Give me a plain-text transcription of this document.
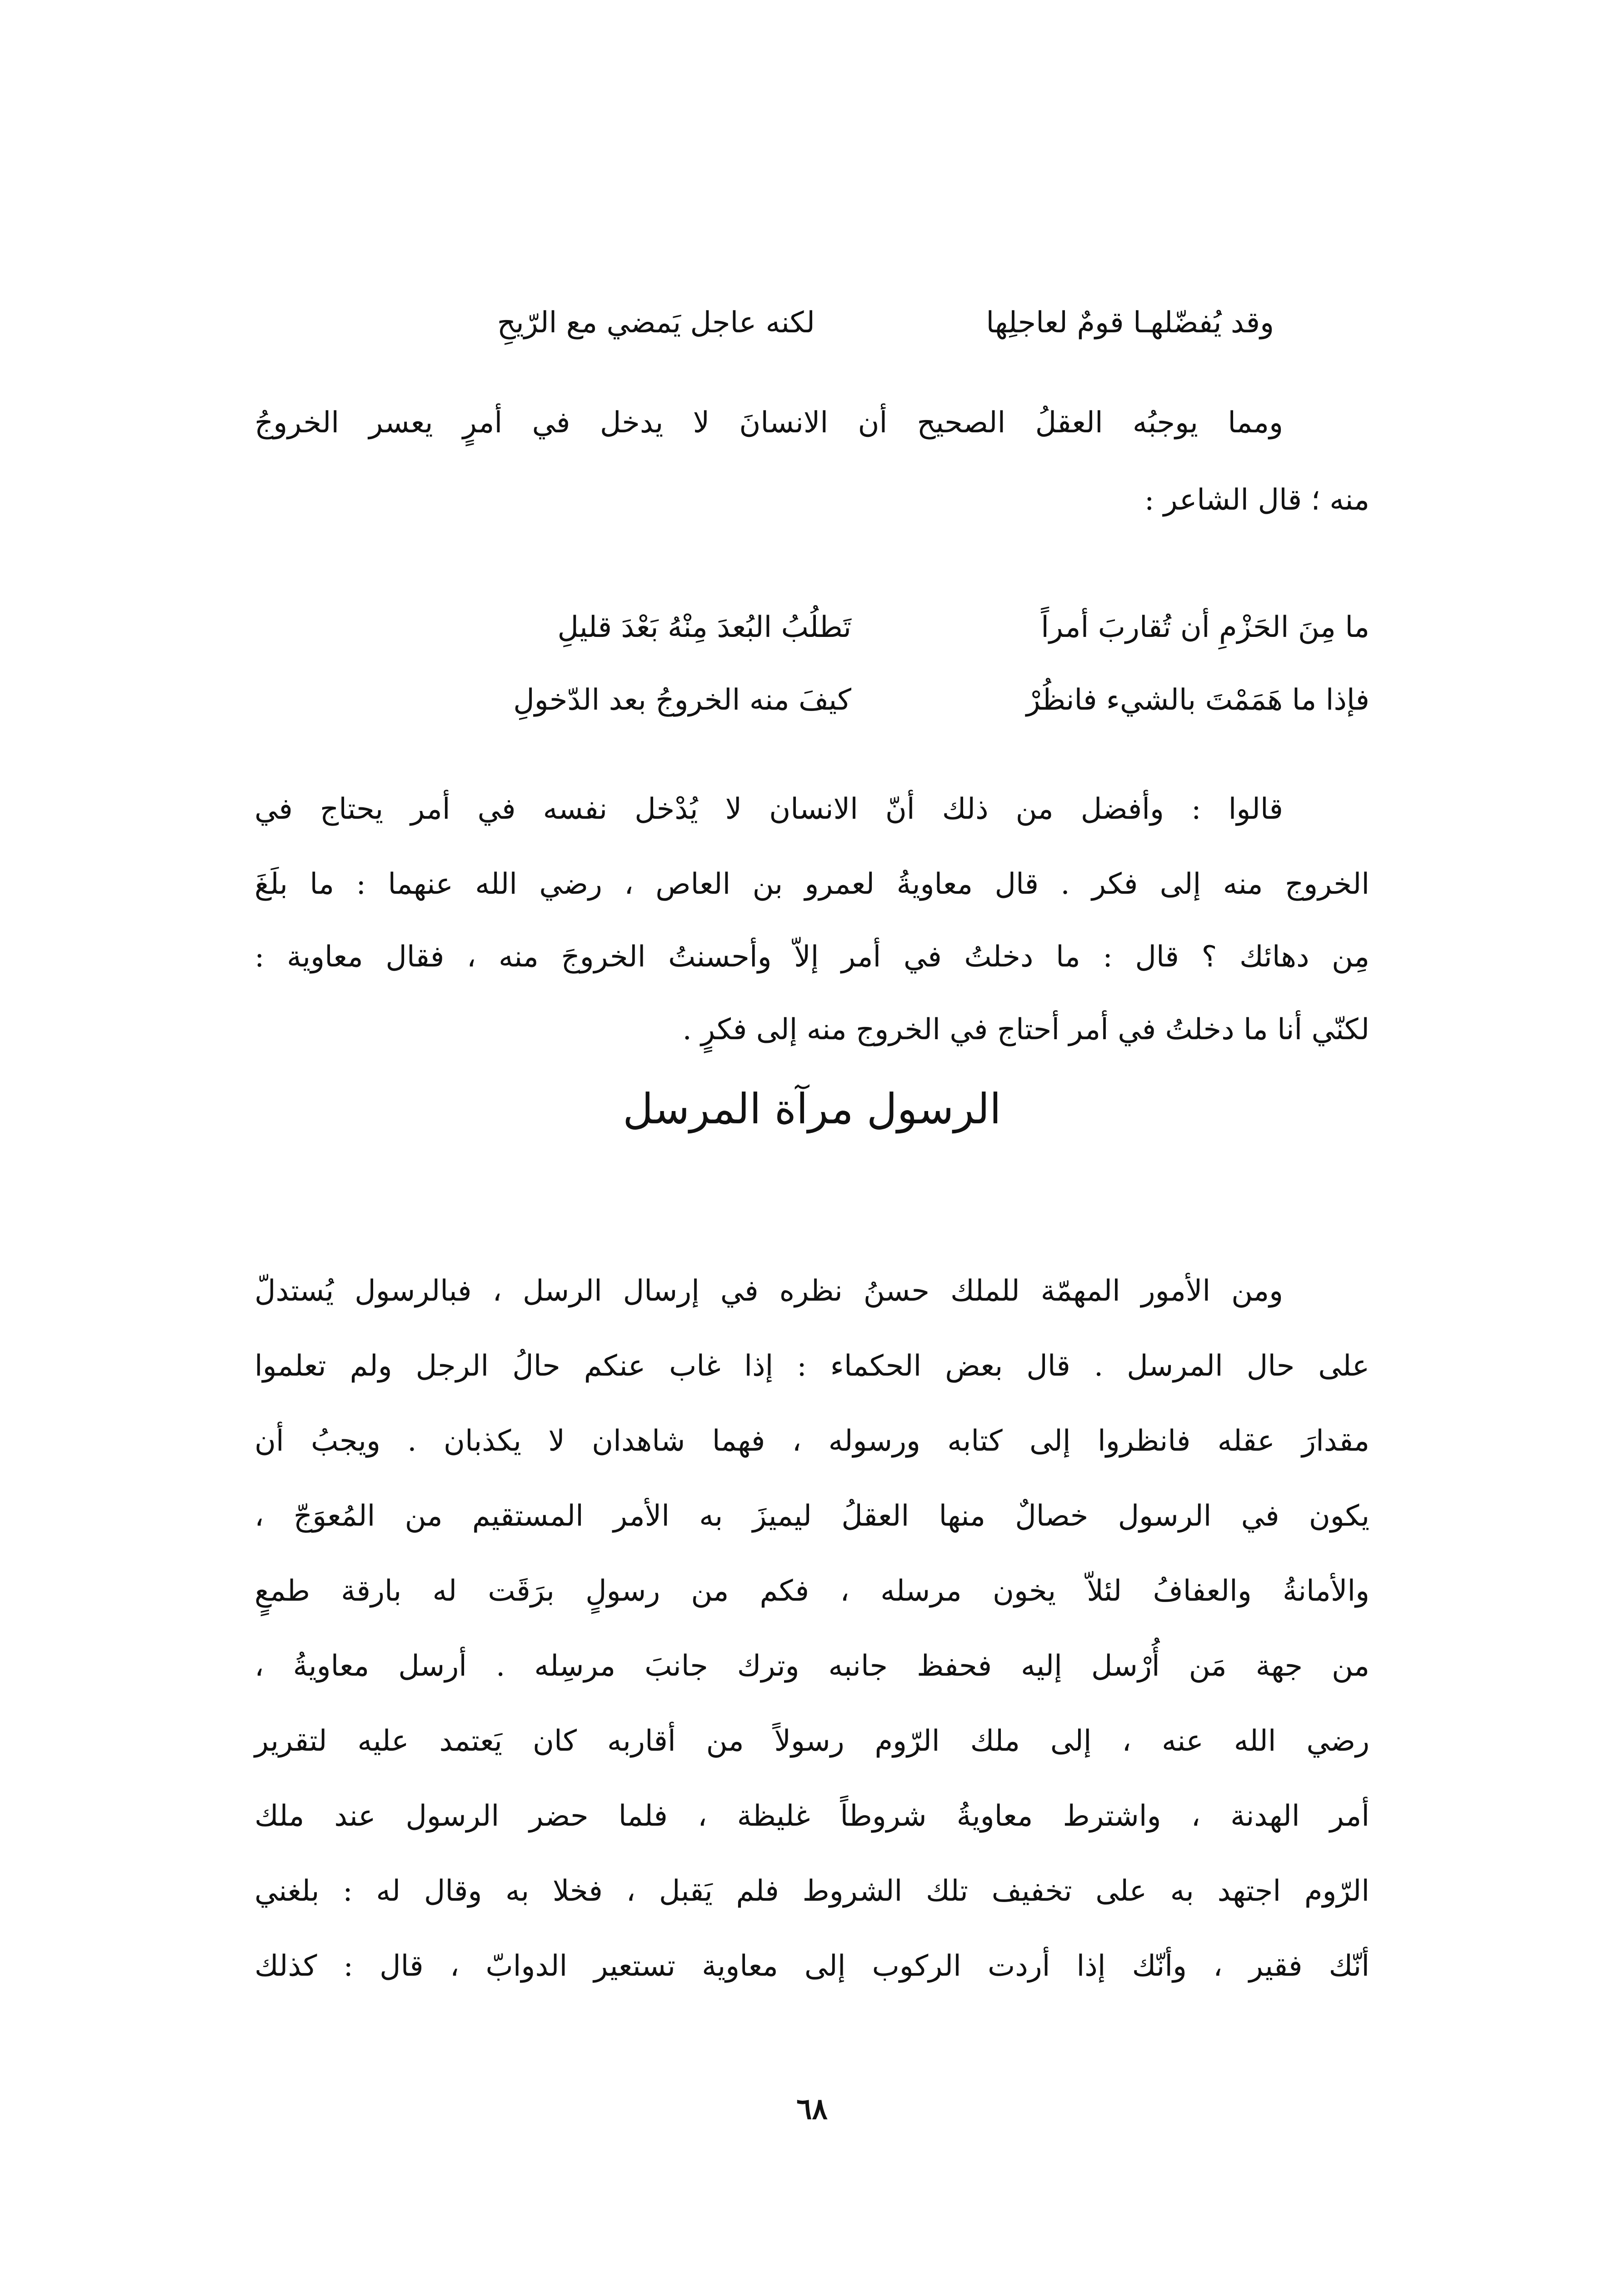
وقد يُفضّلهـا قومٌ لعاجلِها
لكنه عاجل يَمضي مع الرّيحِ
ومما يوجبُه العقلُ الصحيح أن الانسانَ لا يدخل في أمرٍ يعسر الخروجُ
منه ؛ قال الشاعر :
ما مِنَ الحَزْمِ أن تُقاربَ أمراً
تَطلُبُ البُعدَ مِنْهُ بَعْدَ قليلِ
فإذا ما هَمَمْتَ بالشيء فانظُرْ
كيفَ منه الخروجُ بعد الدّخولِ
قالوا : وأفضل من ذلك أنّ الانسان لا يُدْخل نفسه في أمر يحتاج في
الخروج منه إلى فكر . قال معاويةُ لعمرو بن العاص ، رضي الله عنهما : ما بلَغَ
مِن دهائك ؟ قال : ما دخلتُ في أمر إلاّ وأحسنتُ الخروجَ منه ، فقال معاوية :
لكنّي أنا ما دخلتُ في أمر أحتاج في الخروج منه إلى فكرٍ .
الرسول مرآة المرسل
ومن الأمور المهمّة للملك حسنُ نظره في إرسال الرسل ، فبالرسول يُستدلّ
على حال المرسل . قال بعض الحكماء : إذا غاب عنكم حالُ الرجل ولم تعلموا
مقدارَ عقله فانظروا إلى كتابه ورسوله ، فهما شاهدان لا يكذبان . ويجبُ أن
يكون في الرسول خصالٌ منها العقلُ ليميزَ به الأمر المستقيم من المُعوَجّ ،
والأمانةُ والعفافُ لئلاّ يخون مرسله ، فكم من رسولٍ برَقَت له بارقة طمعٍ
من جهة مَن أُرْسل إليه فحفظ جانبه وترك جانبَ مرسِله . أرسل معاويةُ ،
رضي الله عنه ، إلى ملك الرّوم رسولاً من أقاربه كان يَعتمد عليه لتقرير
أمر الهدنة ، واشترط معاويةُ شروطاً غليظة ، فلما حضر الرسول عند ملك
الرّوم اجتهد به على تخفيف تلك الشروط فلم يَقبل ، فخلا به وقال له : بلغني
أنّك فقير ، وأنّك إذا أردت الركوب إلى معاوية تستعير الدوابّ ، قال : كذلك
٦٨
